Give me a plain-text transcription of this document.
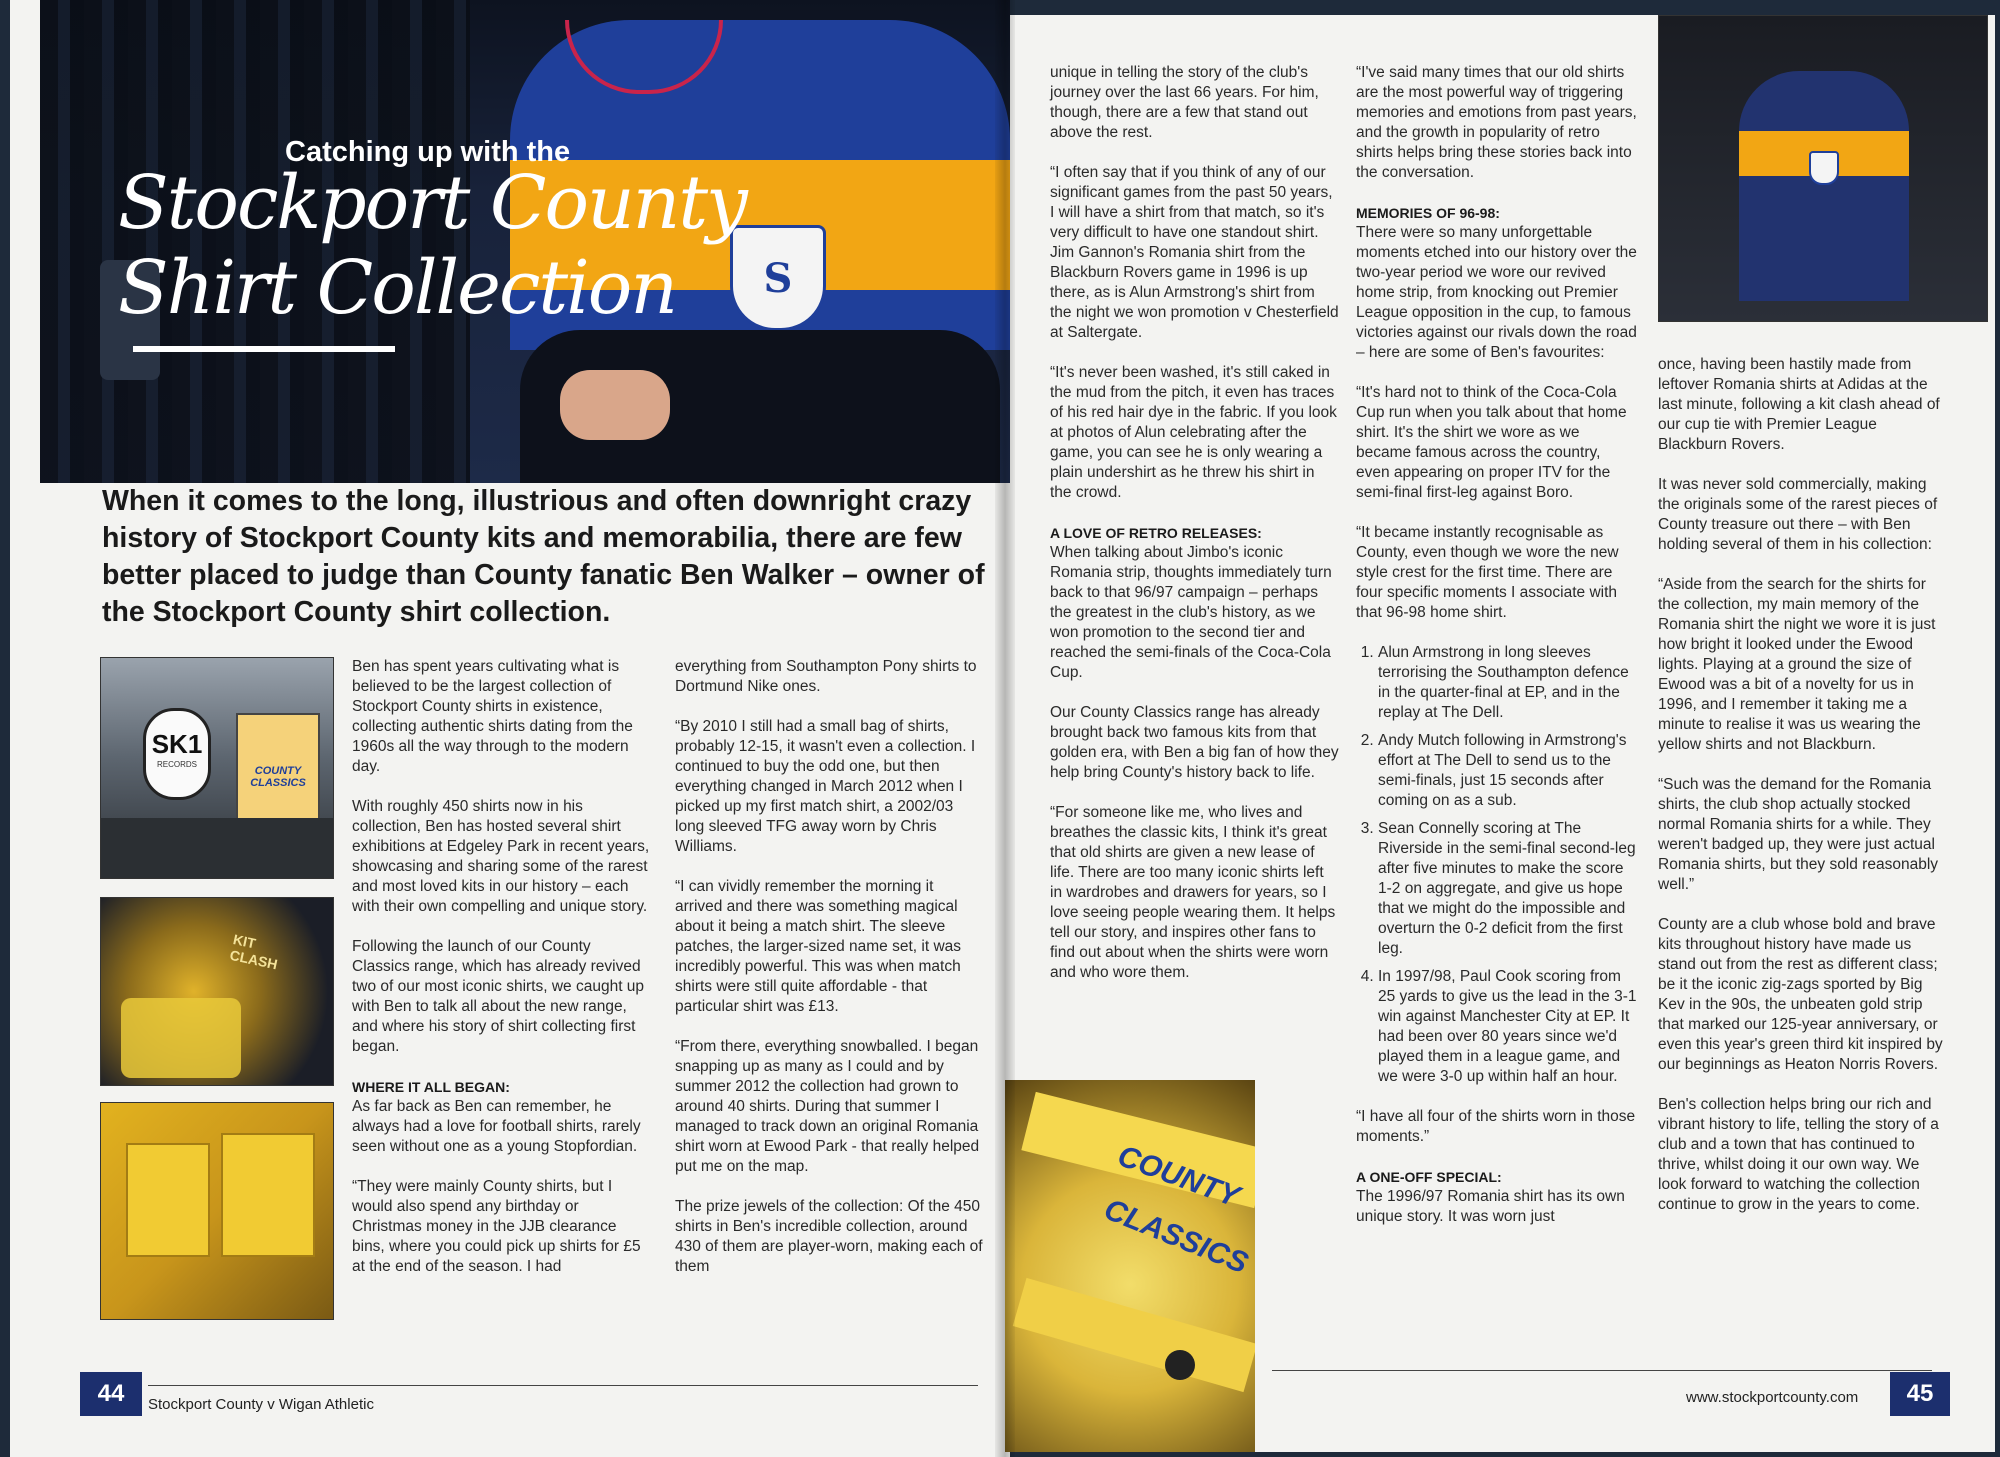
S
Catching up with the
Stockport County
Shirt Collection
When it comes to the long, illustrious and often downright crazy history of Stockport County kits and memorabilia, there are few better placed to judge than County fanatic Ben Walker – owner of the Stockport County shirt collection.
SK1
RECORDS
COUNTY CLASSICS
KIT CLASH

Ben has spent years cultivating what is believed to be the largest collection of Stockport County shirts in existence, collecting authentic shirts dating from the 1960s all the way through to the modern day.

With roughly 450 shirts now in his collection, Ben has hosted several shirt exhibitions at Edgeley Park in recent years, showcasing and sharing some of the rarest and most loved kits in our history – each with their own compelling and unique story.

Following the launch of our County Classics range, which has already revived two of our most iconic shirts, we caught up with Ben to talk all about the new range, and where his story of shirt collecting first began.

WHERE IT ALL BEGAN:

As far back as Ben can remember, he always had a love for football shirts, rarely seen without one as a young Stopfordian.

“They were mainly County shirts, but I would also spend any birthday or Christmas money in the JJB clearance bins, where you could pick up shirts for £5 at the end of the season. I had

everything from Southampton Pony shirts to Dortmund Nike ones.

“By 2010 I still had a small bag of shirts, probably 12-15, it wasn't even a collection. I continued to buy the odd one, but then everything changed in March 2012 when I picked up my first match shirt, a 2002/03 long sleeved TFG away worn by Chris Williams.

“I can vividly remember the morning it arrived and there was something magical about it being a match shirt. The sleeve patches, the larger-sized name set, it was incredibly powerful. This was when match shirts were still quite affordable - that particular shirt was £13.

“From there, everything snowballed. I began snapping up as many as I could and by summer 2012 the collection had grown to around 40 shirts. During that summer I managed to track down an original Romania shirt worn at Ewood Park - that really helped put me on the map.

The prize jewels of the collection: Of the 450 shirts in Ben's incredible collection, around 430 of them are player-worn, making each of them

44	Stockport County v Wigan Athletic

unique in telling the story of the club's journey over the last 66 years. For him, though, there are a few that stand out above the rest.

“I often say that if you think of any of our significant games from the past 50 years, I will have a shirt from that match, so it's very difficult to have one standout shirt. Jim Gannon's Romania shirt from the Blackburn Rovers game in 1996 is up there, as is Alun Armstrong's shirt from the night we won promotion v Chesterfield at Saltergate.

“It's never been washed, it's still caked in the mud from the pitch, it even has traces of his red hair dye in the fabric. If you look at photos of Alun celebrating after the game, you can see he is only wearing a plain undershirt as he threw his shirt in the crowd.

A LOVE OF RETRO RELEASES:

When talking about Jimbo's iconic Romania strip, thoughts immediately turn back to that 96/97 campaign – perhaps the greatest in the club's history, as we won promotion to the second tier and reached the semi-finals of the Coca-Cola Cup.

Our County Classics range has already brought back two famous kits from that golden era, with Ben a big fan of how they help bring County's history back to life.

“For someone like me, who lives and breathes the classic kits, I think it's great that old shirts are given a new lease of life. There are too many iconic shirts left in wardrobes and drawers for years, so I love seeing people wearing them. It helps tell our story, and inspires other fans to find out about when the shirts were worn and who wore them.

“I've said many times that our old shirts are the most powerful way of triggering memories and emotions from past years, and the growth in popularity of retro shirts helps bring these stories back into the conversation.

MEMORIES OF 96-98:

There were so many unforgettable moments etched into our history over the two-year period we wore our revived home strip, from knocking out Premier League opposition in the cup, to famous victories against our rivals down the road – here are some of Ben's favourites:

“It's hard not to think of the Coca-Cola Cup run when you talk about that home shirt. It's the shirt we wore as we became famous across the country, even appearing on proper ITV for the semi-final first-leg against Boro.

“It became instantly recognisable as County, even though we wore the new style crest for the first time. There are four specific moments I associate with that 96-98 home shirt.

1. Alun Armstrong in long sleeves terrorising the Southampton defence in the quarter-final at EP, and in the replay at The Dell.
2. Andy Mutch following in Armstrong's effort at The Dell to send us to the semi-finals, just 15 seconds after coming on as a sub.
3. Sean Connelly scoring at The Riverside in the semi-final second-leg after five minutes to make the score 1-2 on aggregate, and give us hope that we might do the impossible and overturn the 0-2 deficit from the first leg.
4. In 1997/98, Paul Cook scoring from 25 yards to give us the lead in the 3-1 win against Manchester City at EP. It had been over 80 years since we'd played them in a league game, and we were 3-0 up within half an hour.

“I have all four of the shirts worn in those moments.”

A ONE-OFF SPECIAL:

The 1996/97 Romania shirt has its own unique story. It was worn just

once, having been hastily made from leftover Romania shirts at Adidas at the last minute, following a kit clash ahead of our cup tie with Premier League Blackburn Rovers.

It was never sold commercially, making the originals some of the rarest pieces of County treasure out there – with Ben holding several of them in his collection:

“Aside from the search for the shirts for the collection, my main memory of the Romania shirt the night we wore it is just how bright it looked under the Ewood lights. Playing at a ground the size of Ewood was a bit of a novelty for us in 1996, and I remember it taking me a minute to realise it was us wearing the yellow shirts and not Blackburn.

“Such was the demand for the Romania shirts, the club shop actually stocked normal Romania shirts for a while. They weren't badged up, they were just actual Romania shirts, but they sold reasonably well.”

County are a club whose bold and brave kits throughout history have made us stand out from the rest as different class; be it the iconic zig-zags sported by Big Kev in the 90s, the unbeaten gold strip that marked our 125-year anniversary, or even this year's green third kit inspired by our beginnings as Heaton Norris Rovers.

Ben's collection helps bring our rich and vibrant history to life, telling the story of a club and a town that has continued to thrive, whilst doing it our own way. We look forward to watching the collection continue to grow in the years to come.

COUNTY
CLASSICS
www.stockportcounty.com	45
